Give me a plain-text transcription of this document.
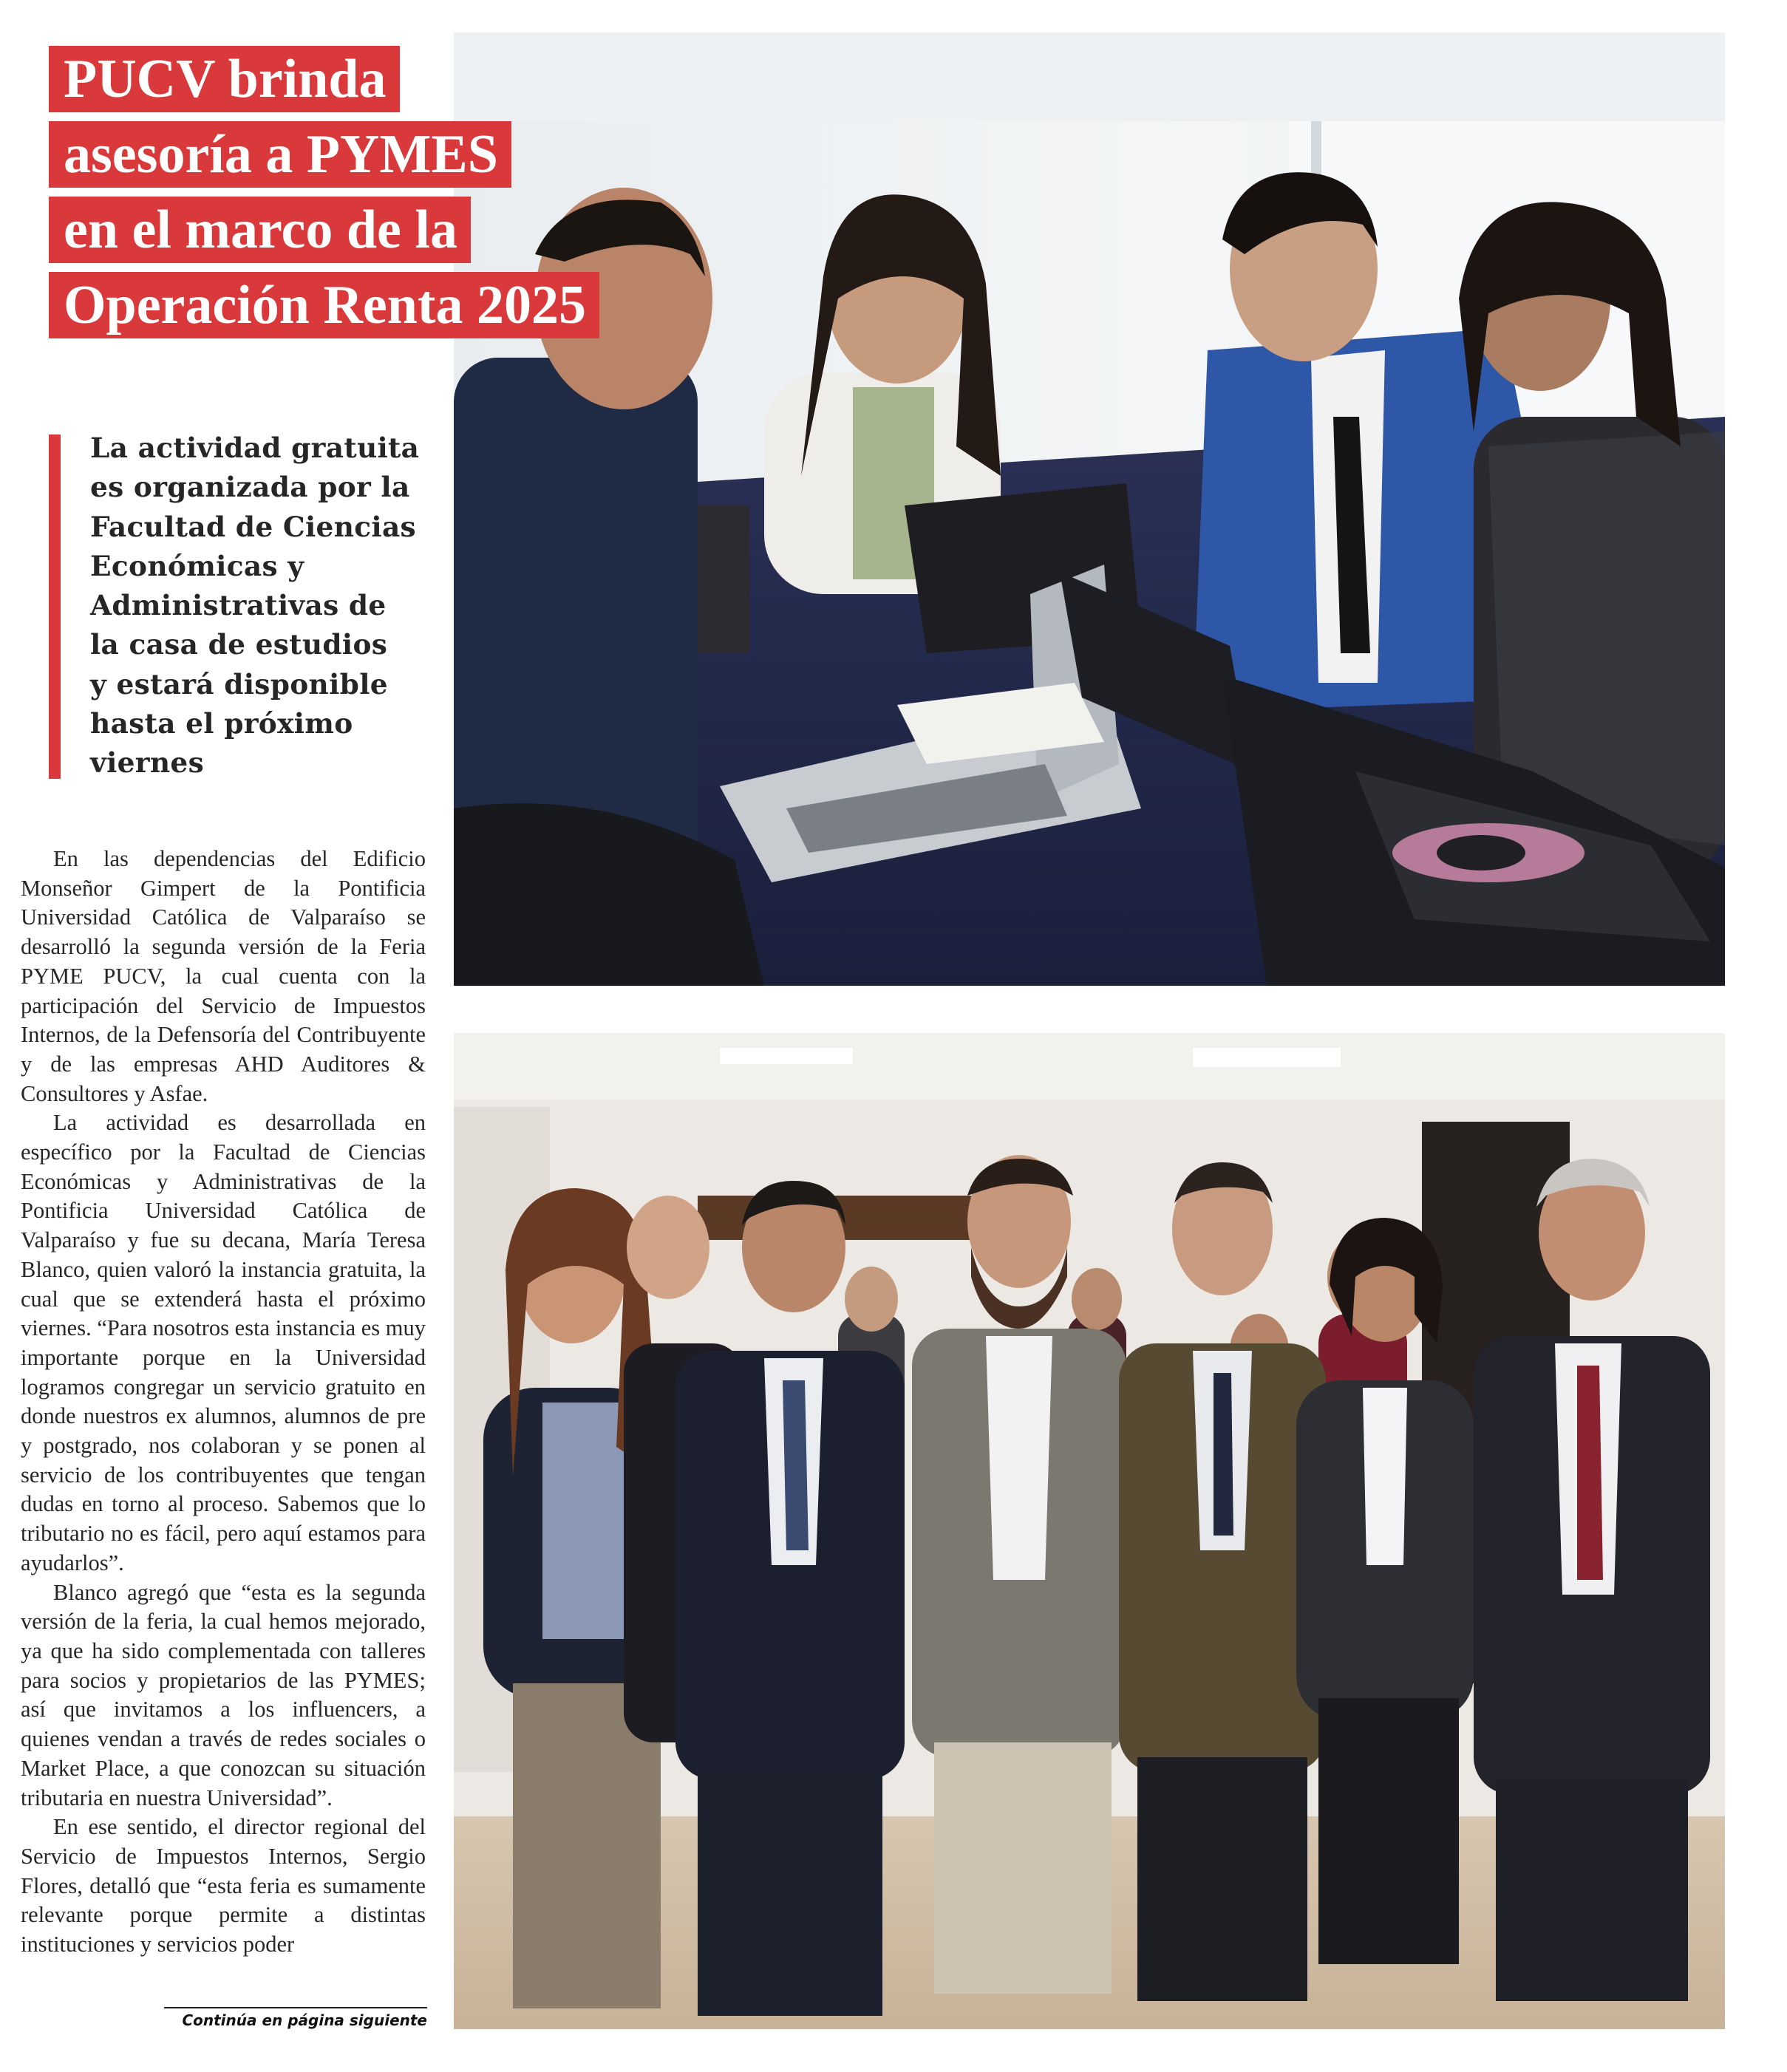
PUCV brinda
asesoría a PYMES
en el marco de la
Operación Renta 2025
La actividad gratuita
es organizada por la
Facultad de Ciencias
Económicas y
Administrativas de
la casa de estudios
y estará disponible
hasta el próximo
viernes

En las dependencias del Edificio Monseñor Gimpert de la Pontificia Universidad Católica de Valparaíso se desarrolló la segunda versión de la Feria PYME PUCV, la cual cuenta con la participación del Servicio de Impuestos Internos, de la Defensoría del Contribuyente y de las empresas AHD Auditores & Consultores y Asfae.

La actividad es desarrollada en específico por la Facultad de Ciencias Económicas y Administrativas de la Pontificia Universidad Católica de Valparaíso y fue su decana, María Teresa Blanco, quien valoró la instancia gratuita, la cual que se extenderá hasta el próximo viernes. “Para nosotros esta instancia es muy importante porque en la Universidad logramos congregar un servicio gratuito en donde nuestros ex alumnos, alumnos de pre y postgrado, nos colaboran y se ponen al servicio de los contribuyentes que tengan dudas en torno al proceso. Sabemos que lo tributario no es fácil, pero aquí estamos para ayudarlos”.

Blanco agregó que “esta es la segunda versión de la feria, la cual hemos mejorado, ya que ha sido complementada con talleres para socios y propietarios de las PYMES; así que invitamos a los influencers, a quienes vendan a través de redes sociales o Market Place, a que conozcan su situación tributaria en nuestra Universidad”.

En ese sentido, el director regional del Servicio de Impuestos Internos, Sergio Flores, detalló que “esta feria es sumamente relevante porque permite a distintas instituciones y servicios poder

Continúa en página siguiente
